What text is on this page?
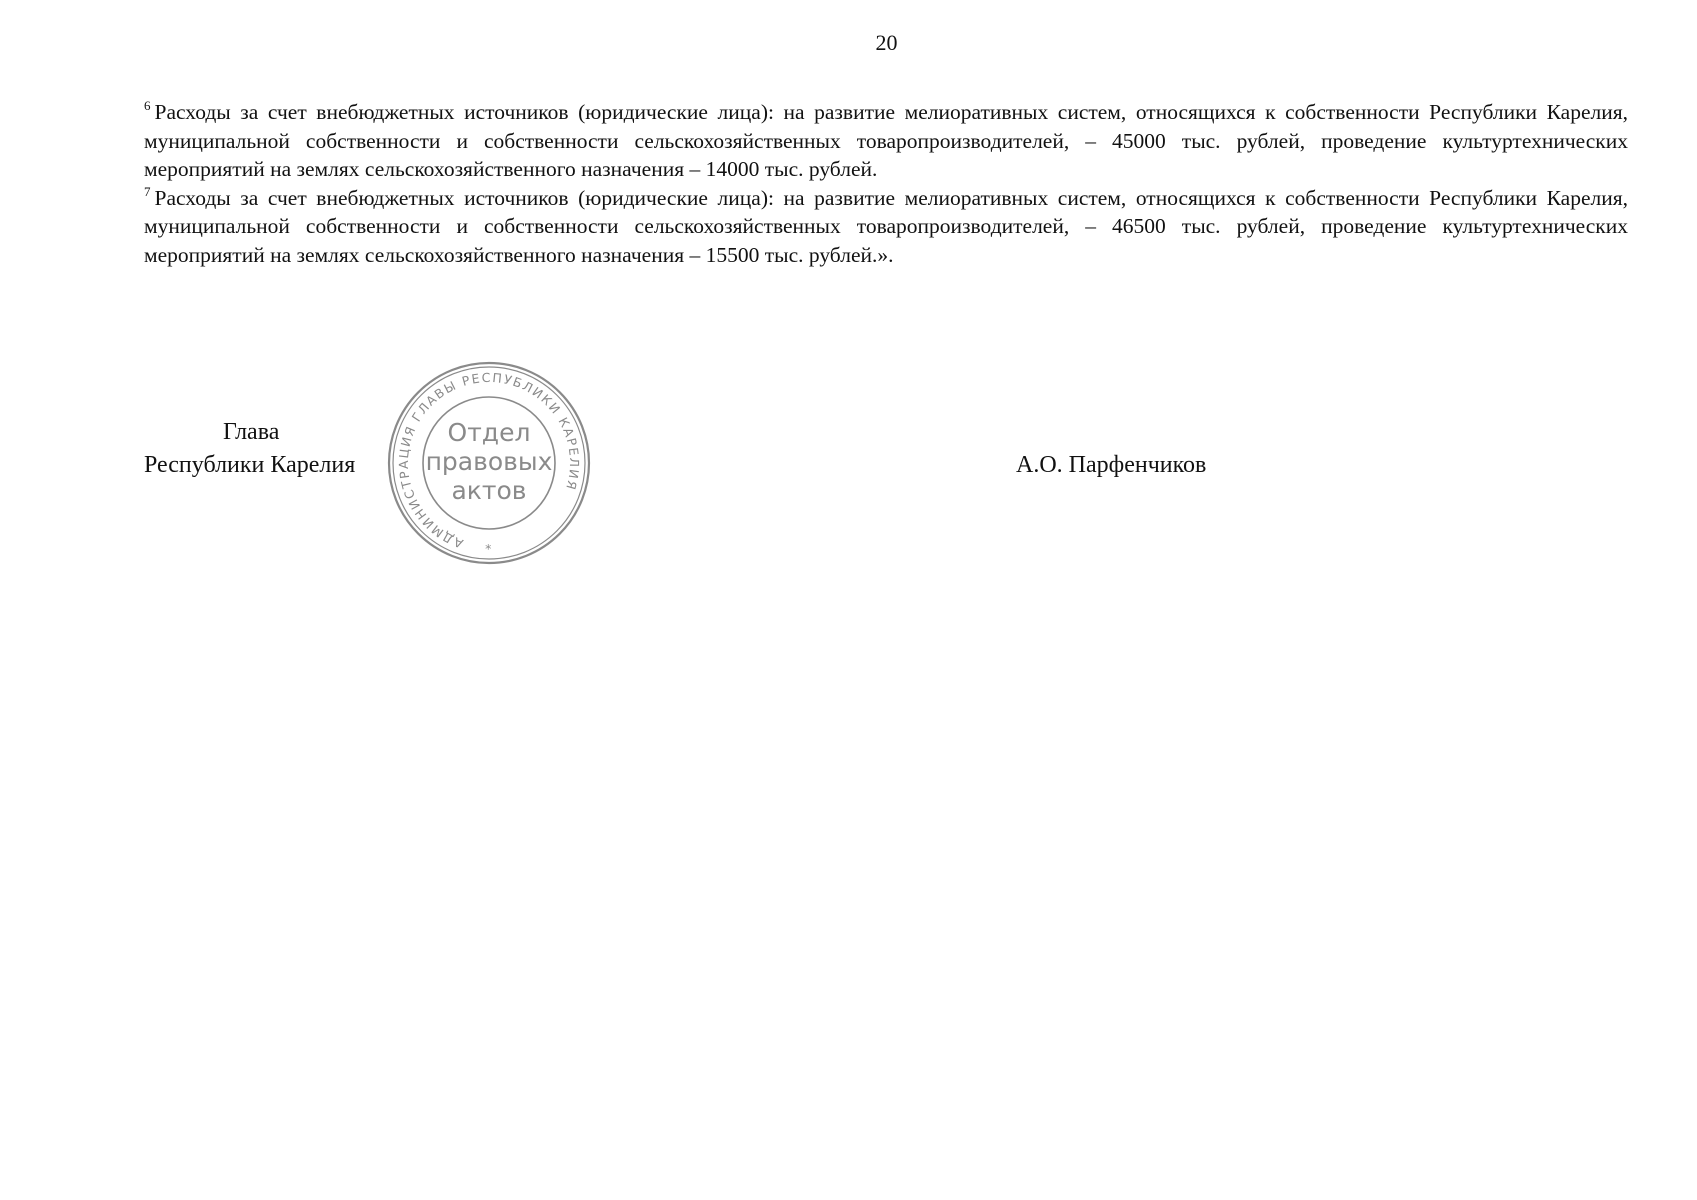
20

$^6$ Расходы за счет внебюджетных источников (юридические лица): на развитие мелиоративных систем, относящихся к собственности Республики Карелия, муниципальной собственности и собственности сельскохозяйственных товаропроизводителей, – 45000 тыс. рублей, проведение культуртехнических мероприятий на землях сельскохозяйственного назначения – 14000 тыс. рублей.

$^7$ Расходы за счет внебюджетных источников (юридические лица): на развитие мелиоративных систем, относящихся к собственности Республики Карелия, муниципальной собственности и собственности сельскохозяйственных товаропроизводителей, – 46500 тыс. рублей, проведение культуртехнических мероприятий на землях сельскохозяйственного назначения – 15500 тыс. рублей.».

Глава
Республики Карелия	А.О. Парфенчиков
АДМИНИСТРАЦИЯ ГЛАВЫ РЕСПУБЛИКИ КАРЕЛИЯ
*
Отдел
правовых
актов
